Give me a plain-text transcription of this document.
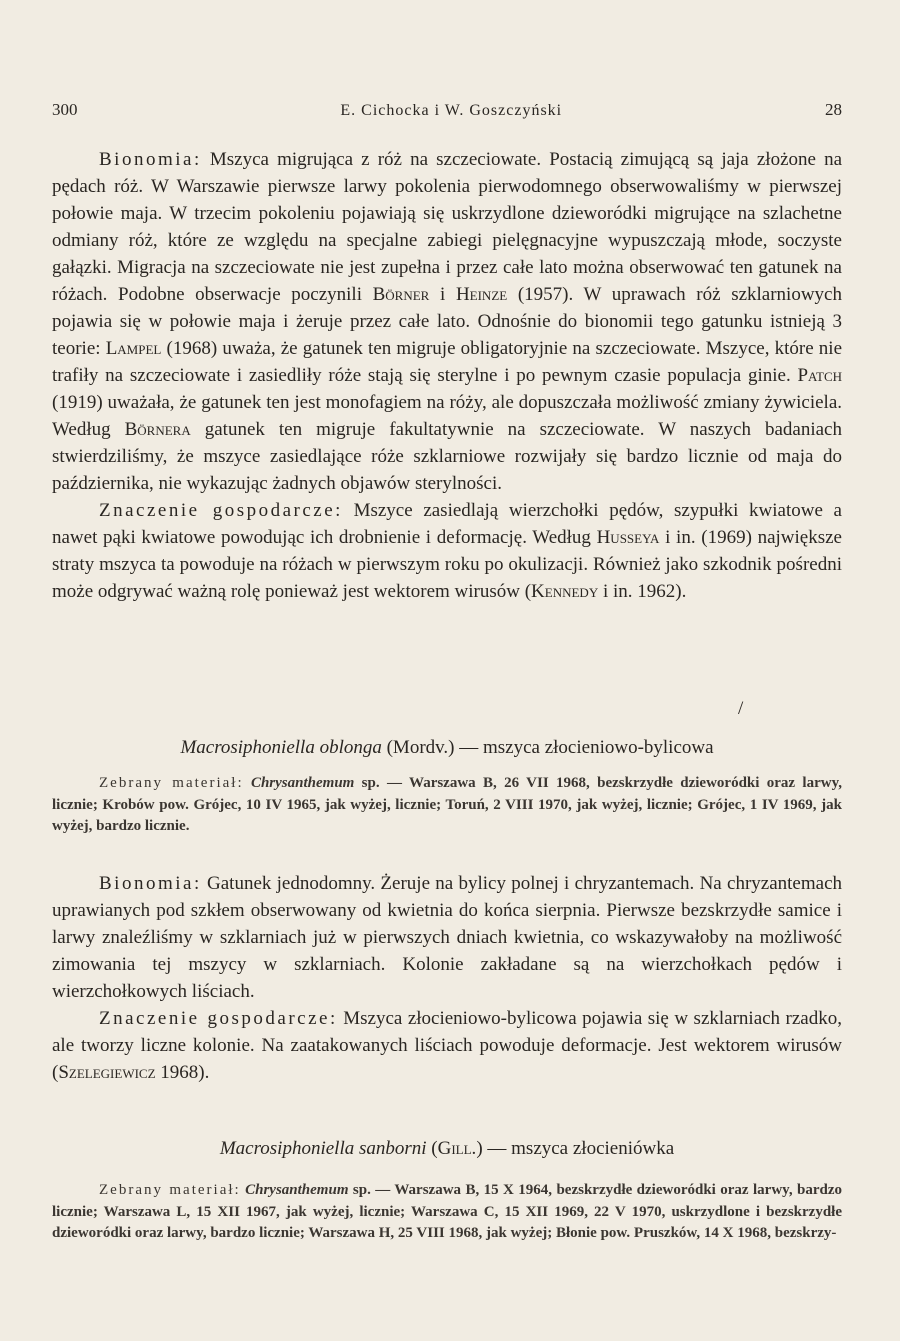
300	E. Cichocka i W. Goszczyński	28

Bionomia: Mszyca migrująca z róż na szczeciowate. Postacią zimującą są jaja złożone na pędach róż. W Warszawie pierwsze larwy pokolenia pierwodomnego obserwowaliśmy w pierwszej połowie maja. W trzecim pokoleniu pojawiają się uskrzydlone dzieworódki migrujące na szlachetne odmiany róż, które ze względu na specjalne zabiegi pielęgnacyjne wypuszczają młode, soczyste gałązki. Migracja na szczeciowate nie jest zupełna i przez całe lato można obserwować ten gatunek na różach. Podobne obserwacje poczynili Börner i Heinze (1957). W uprawach róż szklarniowych pojawia się w połowie maja i żeruje przez całe lato. Odnośnie do bionomii tego gatunku istnieją 3 teorie: Lampel (1968) uważa, że gatunek ten migruje obligatoryjnie na szczeciowate. Mszyce, które nie trafiły na szczeciowate i zasiedliły róże stają się sterylne i po pewnym czasie populacja ginie. Patch (1919) uważała, że gatunek ten jest monofagiem na róży, ale dopuszczała możliwość zmiany żywiciela. Według Börnera gatunek ten migruje fakultatywnie na szczeciowate. W naszych badaniach stwierdziliśmy, że mszyce zasiedlające róże szklarniowe rozwijały się bardzo licznie od maja do października, nie wykazując żadnych objawów sterylności.

Znaczenie gospodarcze: Mszyce zasiedlają wierzchołki pędów, szypułki kwiatowe a nawet pąki kwiatowe powodując ich drobnienie i deformację. Według Husseya i in. (1969) największe straty mszyca ta powoduje na różach w pierwszym roku po okulizacji. Również jako szkodnik pośredni może odgrywać ważną rolę ponieważ jest wektorem wirusów (Kennedy i in. 1962).

/
Macrosiphoniella oblonga (Mordv.) — mszyca złocieniowo-bylicowa

Zebrany materiał: Chrysanthemum sp. — Warszawa B, 26 VII 1968, bezskrzydłe dzieworódki oraz larwy, licznie; Krobów pow. Grójec, 10 IV 1965, jak wyżej, licznie; Toruń, 2 VIII 1970, jak wyżej, licznie; Grójec, 1 IV 1969, jak wyżej, bardzo licznie.

Bionomia: Gatunek jednodomny. Żeruje na bylicy polnej i chryzantemach. Na chryzantemach uprawianych pod szkłem obserwowany od kwietnia do końca sierpnia. Pierwsze bezskrzydłe samice i larwy znaleźliśmy w szklarniach już w pierwszych dniach kwietnia, co wskazywałoby na możliwość zimowania tej mszycy w szklarniach. Kolonie zakładane są na wierzchołkach pędów i wierzchołkowych liściach.

Znaczenie gospodarcze: Mszyca złocieniowo-bylicowa pojawia się w szklarniach rzadko, ale tworzy liczne kolonie. Na zaatakowanych liściach powoduje deformacje. Jest wektorem wirusów (Szelegiewicz 1968).

Macrosiphoniella sanborni (Gill.) — mszyca złocieniówka

Zebrany materiał: Chrysanthemum sp. — Warszawa B, 15 X 1964, bezskrzydłe dzieworódki oraz larwy, bardzo licznie; Warszawa L, 15 XII 1967, jak wyżej, licznie; Warszawa C, 15 XII 1969, 22 V 1970, uskrzydlone i bezskrzydłe dzieworódki oraz larwy, bardzo licznie; Warszawa H, 25 VIII 1968, jak wyżej; Błonie pow. Pruszków, 14 X 1968, bezskrzy-
